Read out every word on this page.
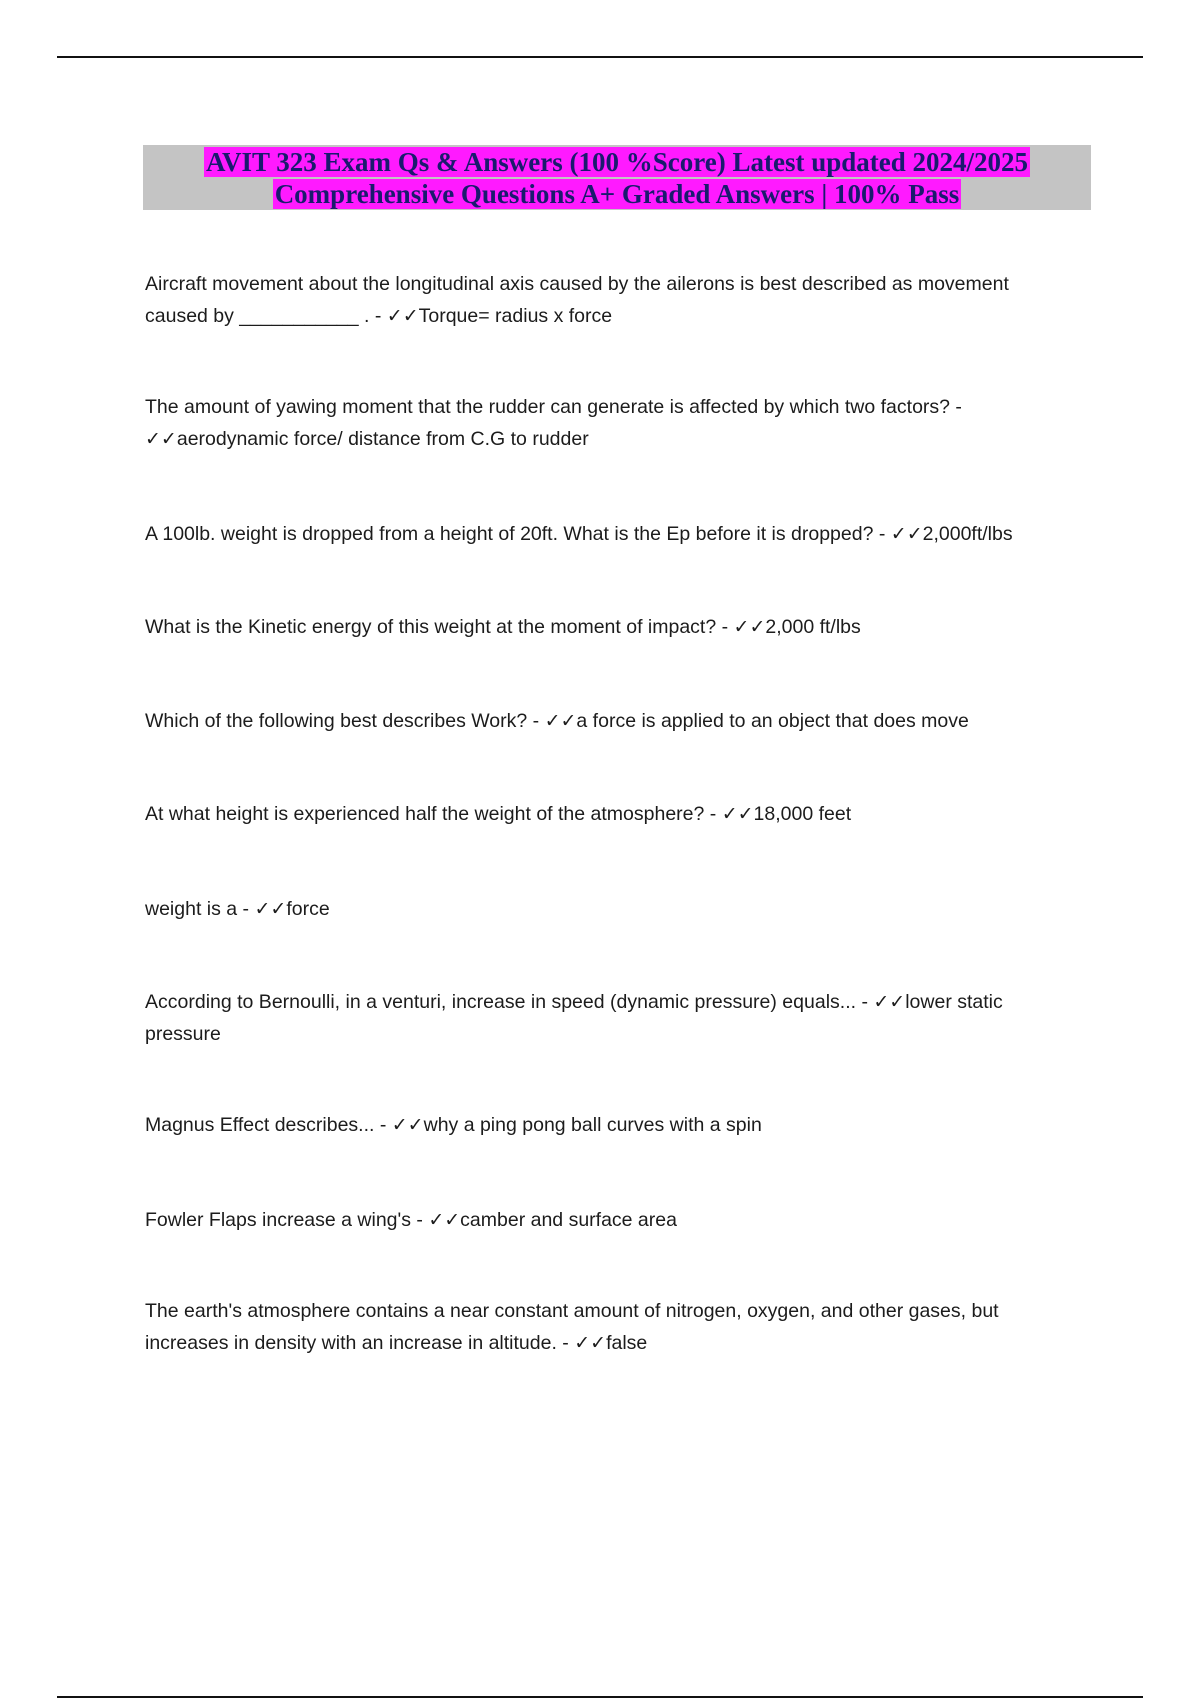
AVIT 323 Exam Qs & Answers (100 %Score) Latest updated 2024/2025
Comprehensive Questions A+ Graded Answers | 100% Pass
Aircraft movement about the longitudinal axis caused by the ailerons is best described as movement caused by ___________ . - ✓✓Torque= radius x force
The amount of yawing moment that the rudder can generate is affected by which two factors? - ✓✓aerodynamic force/ distance from C.G to rudder
A 100lb. weight is dropped from a height of 20ft. What is the Ep before it is dropped? - ✓✓2,000ft/lbs
What is the Kinetic energy of this weight at the moment of impact? - ✓✓2,000 ft/lbs
Which of the following best describes Work? - ✓✓a force is applied to an object that does move
At what height is experienced half the weight of the atmosphere? - ✓✓18,000 feet
weight is a - ✓✓force
According to Bernoulli, in a venturi, increase in speed (dynamic pressure) equals... - ✓✓lower static pressure
Magnus Effect describes... - ✓✓why a ping pong ball curves with a spin
Fowler Flaps increase a wing's - ✓✓camber and surface area
The earth's atmosphere contains a near constant amount of nitrogen, oxygen, and other gases, but increases in density with an increase in altitude. - ✓✓false
